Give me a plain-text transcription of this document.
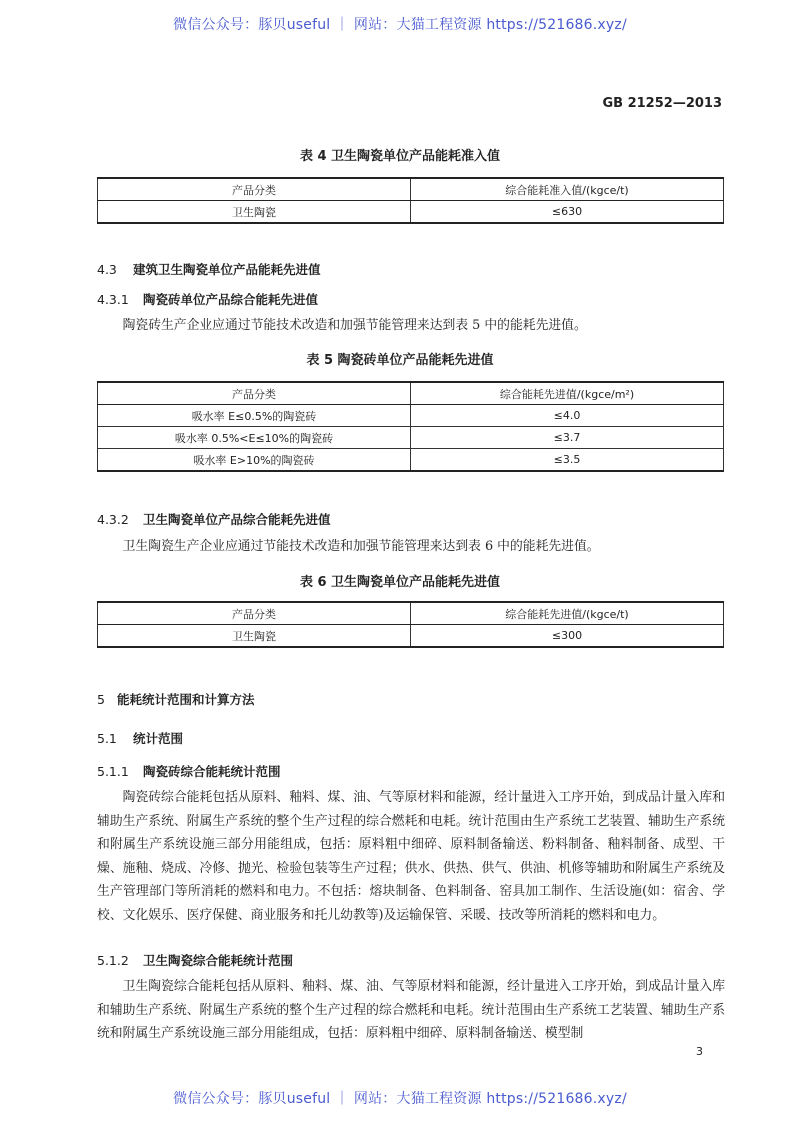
微信公众号：豚贝useful ｜ 网站：大猫工程资源 https://521686.xyz/
GB 21252—2013
表 4 卫生陶瓷单位产品能耗准入值
产品分类	综合能耗准入值/(kgce/t)
卫生陶瓷	≤630
4.3 建筑卫生陶瓷单位产品能耗先进值
4.3.1 陶瓷砖单位产品综合能耗先进值
陶瓷砖生产企业应通过节能技术改造和加强节能管理来达到表 5 中的能耗先进值。
表 5 陶瓷砖单位产品能耗先进值
产品分类	综合能耗先进值/(kgce/m²)
吸水率 E≤0.5%的陶瓷砖	≤4.0
吸水率 0.5%<E≤10%的陶瓷砖	≤3.7
吸水率 E>10%的陶瓷砖	≤3.5
4.3.2 卫生陶瓷单位产品综合能耗先进值
卫生陶瓷生产企业应通过节能技术改造和加强节能管理来达到表 6 中的能耗先进值。
表 6 卫生陶瓷单位产品能耗先进值
产品分类	综合能耗先进值/(kgce/t)
卫生陶瓷	≤300
5 能耗统计范围和计算方法
5.1 统计范围
5.1.1 陶瓷砖综合能耗统计范围
陶瓷砖综合能耗包括从原料、釉料、煤、油、气等原材料和能源，经计量进入工序开始，到成品计量入库和辅助生产系统、附属生产系统的整个生产过程的综合燃耗和电耗。统计范围由生产系统工艺装置、辅助生产系统和附属生产系统设施三部分用能组成，包括：原料粗中细碎、原料制备输送、粉料制备、釉料制备、成型、干燥、施釉、烧成、冷修、抛光、检验包装等生产过程；供水、供热、供气、供油、机修等辅助和附属生产系统及生产管理部门等所消耗的燃料和电力。不包括：熔块制备、色料制备、窑具加工制作、生活设施(如：宿舍、学校、文化娱乐、医疗保健、商业服务和托儿幼教等)及运输保管、采暖、技改等所消耗的燃料和电力。
5.1.2 卫生陶瓷综合能耗统计范围
卫生陶瓷综合能耗包括从原料、釉料、煤、油、气等原材料和能源，经计量进入工序开始，到成品计量入库和辅助生产系统、附属生产系统的整个生产过程的综合燃耗和电耗。统计范围由生产系统工艺装置、辅助生产系统和附属生产系统设施三部分用能组成，包括：原料粗中细碎、原料制备输送、模型制
3
微信公众号：豚贝useful ｜ 网站：大猫工程资源 https://521686.xyz/
